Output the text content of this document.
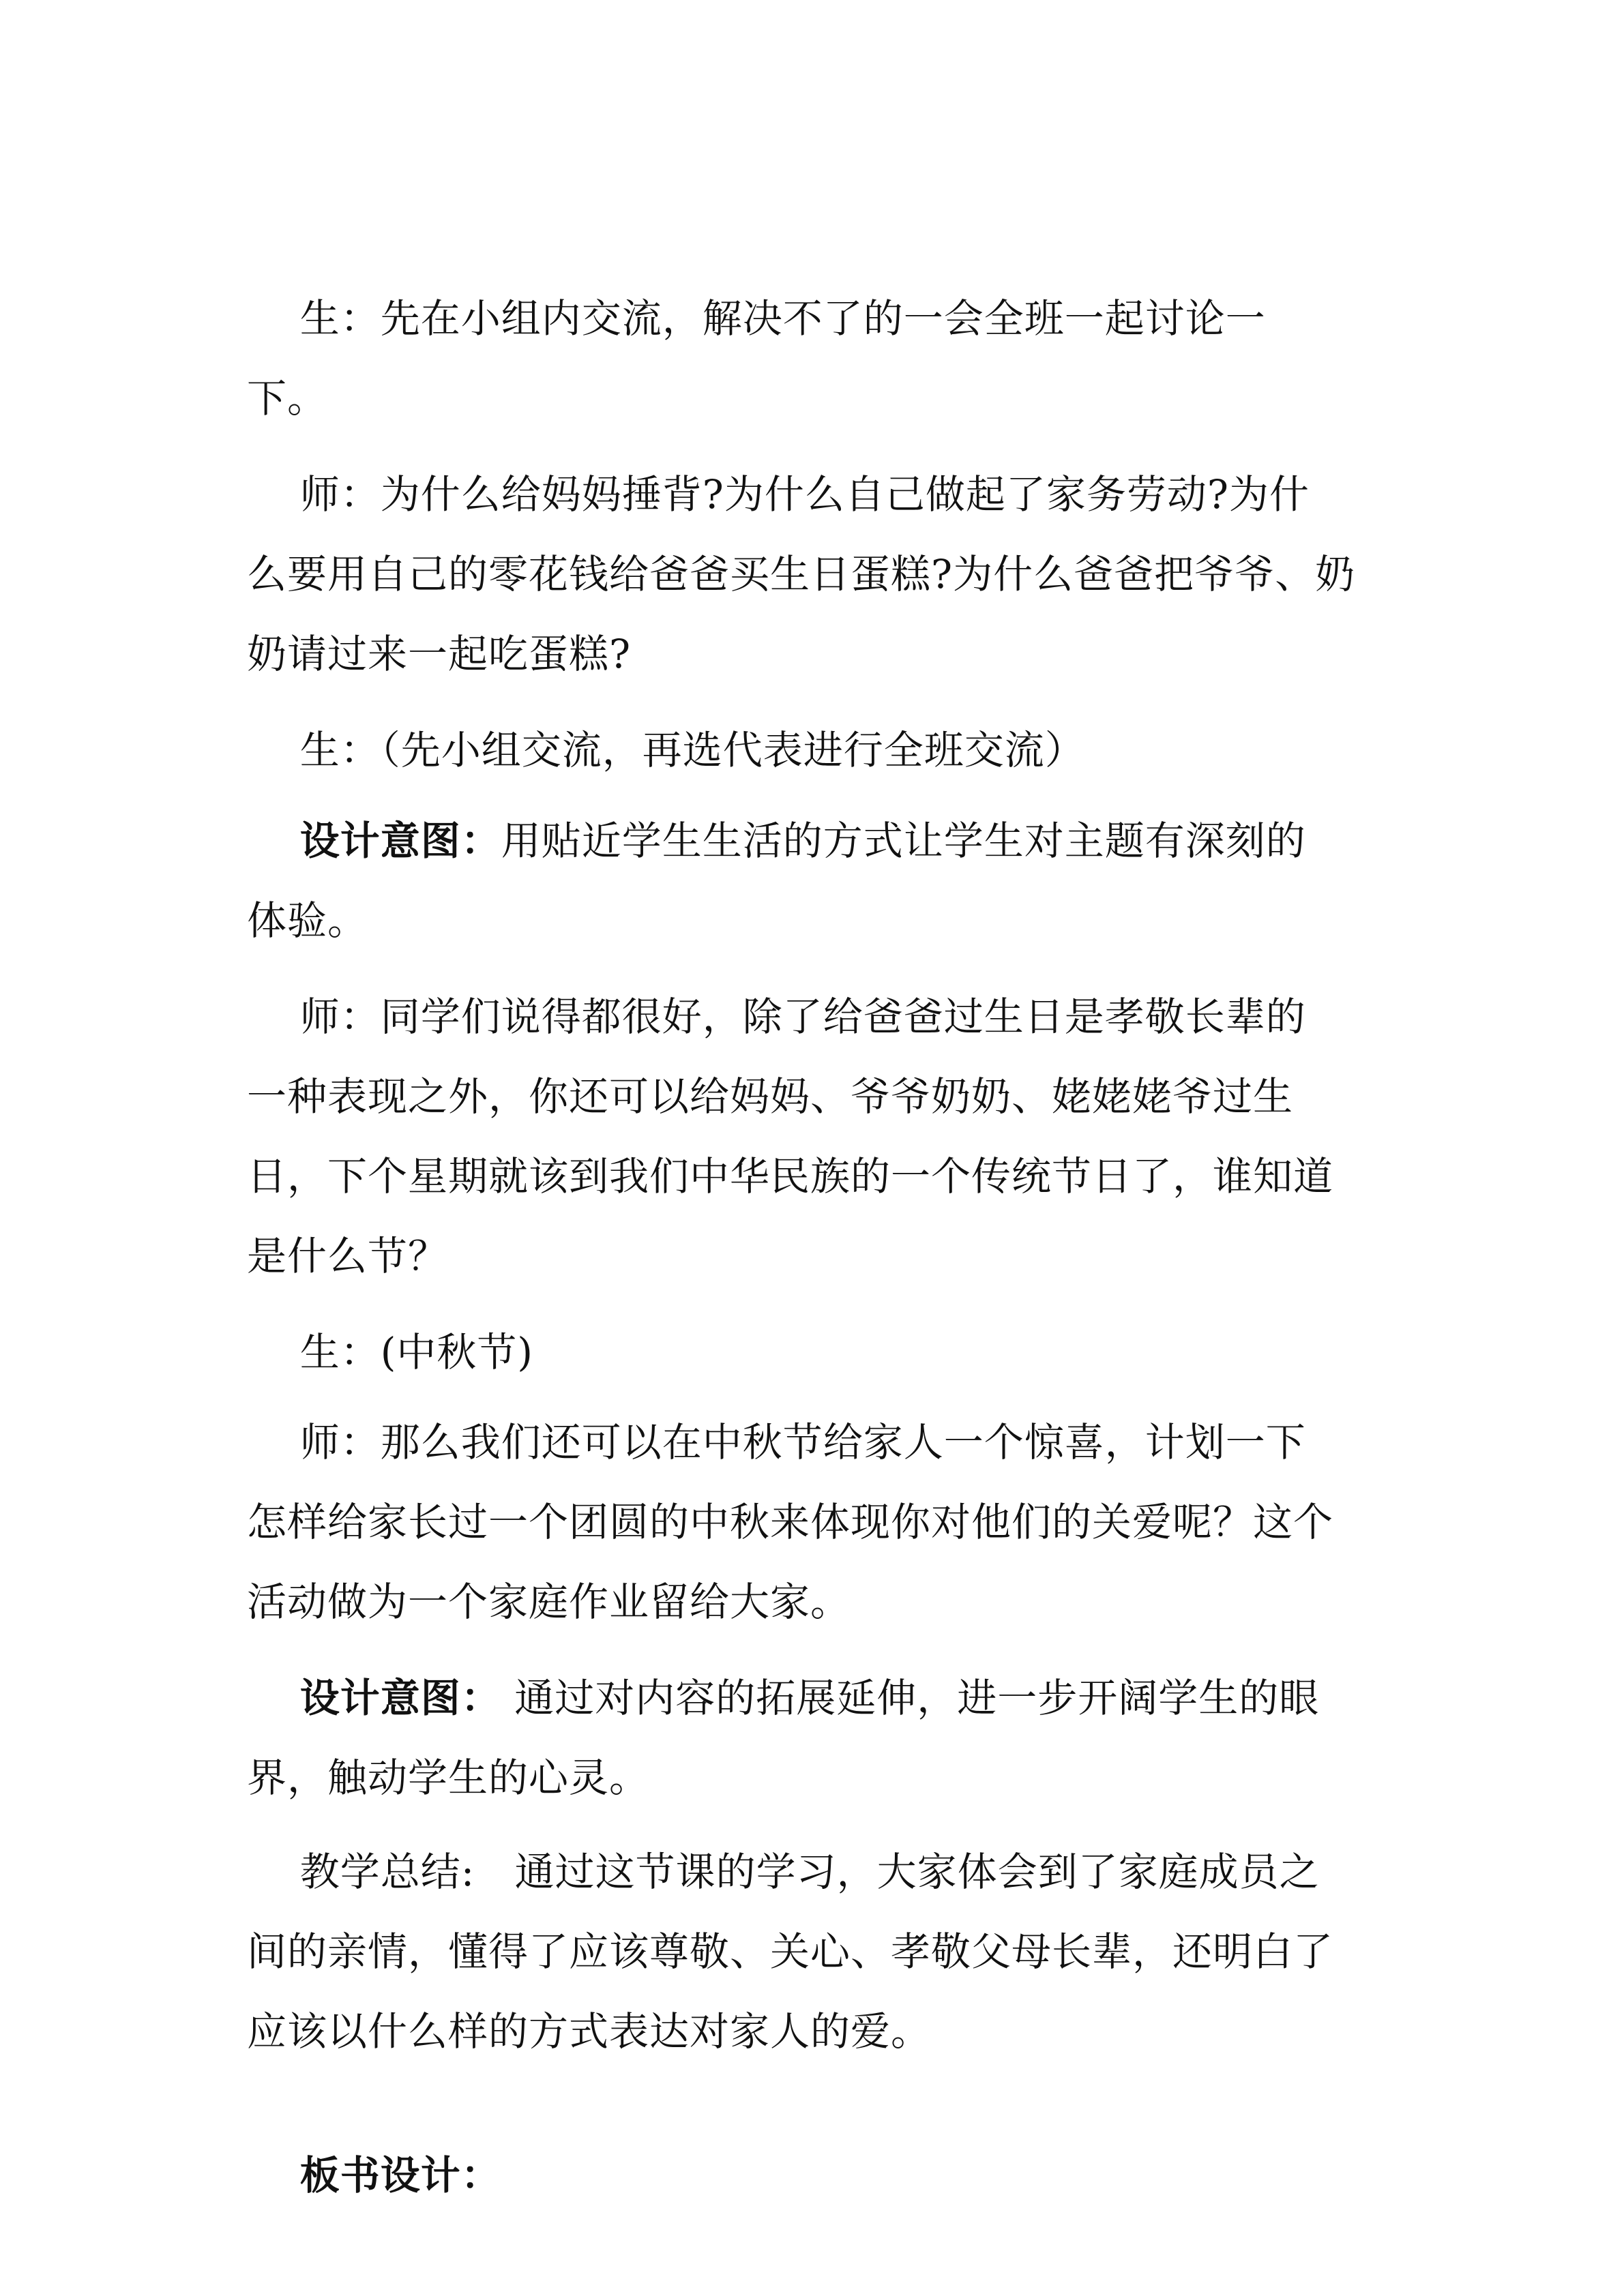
生：先在小组内交流，解决不了的一会全班一起讨论一
下。

师：为什么给妈妈捶背?为什么自己做起了家务劳动?为什
么要用自己的零花钱给爸爸买生日蛋糕?为什么爸爸把爷爷、奶
奶请过来一起吃蛋糕?

生：（先小组交流，再选代表进行全班交流）

设计意图：用贴近学生生活的方式让学生对主题有深刻的
体验。

师：同学们说得都很好，除了给爸爸过生日是孝敬长辈的
一种表现之外，你还可以给妈妈、爷爷奶奶、姥姥姥爷过生
日，下个星期就该到我们中华民族的一个传统节日了，谁知道
是什么节？

生：(中秋节)

师：那么我们还可以在中秋节给家人一个惊喜，计划一下
怎样给家长过一个团圆的中秋来体现你对他们的关爱呢？这个
活动做为一个家庭作业留给大家。

设计意图： 通过对内容的拓展延伸，进一步开阔学生的眼
界，触动学生的心灵。

教学总结:   通过这节课的学习，大家体会到了家庭成员之
间的亲情，懂得了应该尊敬、关心、孝敬父母长辈，还明白了
应该以什么样的方式表达对家人的爱。

板书设计：
